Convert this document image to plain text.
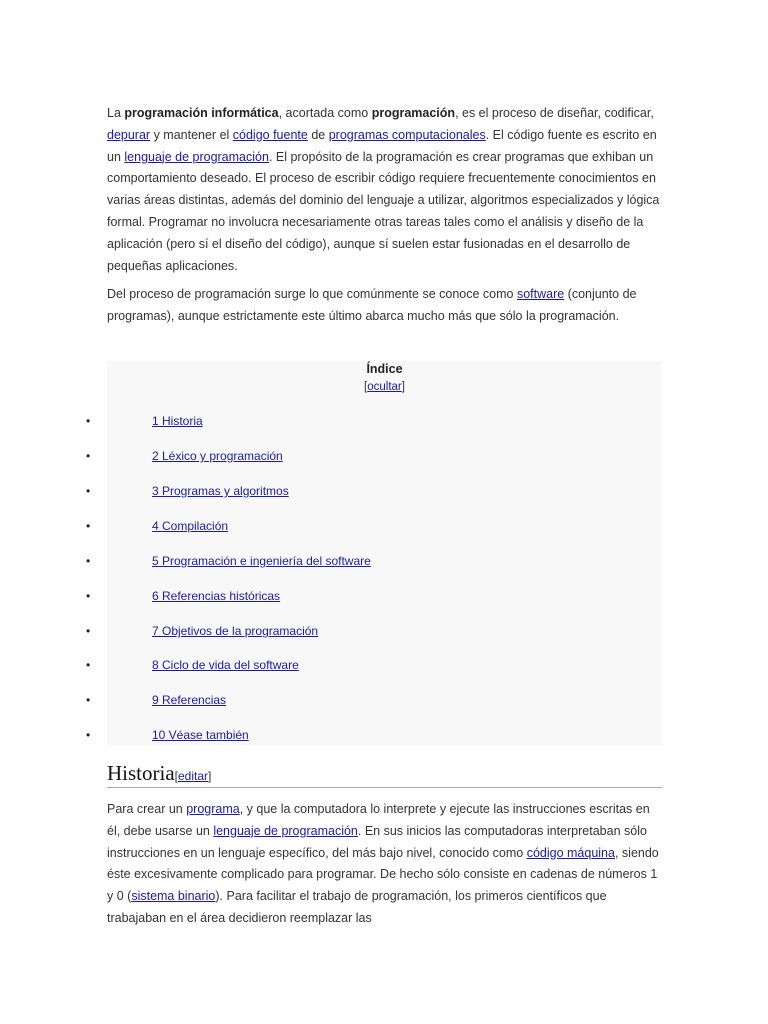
La programación informática, acortada como programación, es el proceso de diseñar, codificar, depurar y mantener el código fuente de programas computacionales. El código fuente es escrito en un lenguaje de programación. El propósito de la programación es crear programas que exhiban un comportamiento deseado. El proceso de escribir código requiere frecuentemente conocimientos en varias áreas distintas, además del dominio del lenguaje a utilizar, algoritmos especializados y lógica formal. Programar no involucra necesariamente otras tareas tales como el análisis y diseño de la aplicación (pero sí el diseño del código), aunque sí suelen estar fusionadas en el desarrollo de pequeñas aplicaciones.

Del proceso de programación surge lo que comúnmente se conoce como software (conjunto de programas), aunque estrictamente este último abarca mucho más que sólo la programación.

Índice
[ocultar]
•	1 Historia
•	2 Léxico y programación
•	3 Programas y algoritmos
•	4 Compilación
•	5 Programación e ingeniería del software
•	6 Referencias históricas
•	7 Objetivos de la programación
•	8 Ciclo de vida del software
•	9 Referencias
•	10 Véase también
Historia[editar]

Para crear un programa, y que la computadora lo interprete y ejecute las instrucciones escritas en él, debe usarse un lenguaje de programación. En sus inicios las computadoras interpretaban sólo instrucciones en un lenguaje específico, del más bajo nivel, conocido como código máquina, siendo éste excesivamente complicado para programar. De hecho sólo consiste en cadenas de números 1 y 0 (sistema binario). Para facilitar el trabajo de programación, los primeros científicos que trabajaban en el área decidieron reemplazar las
